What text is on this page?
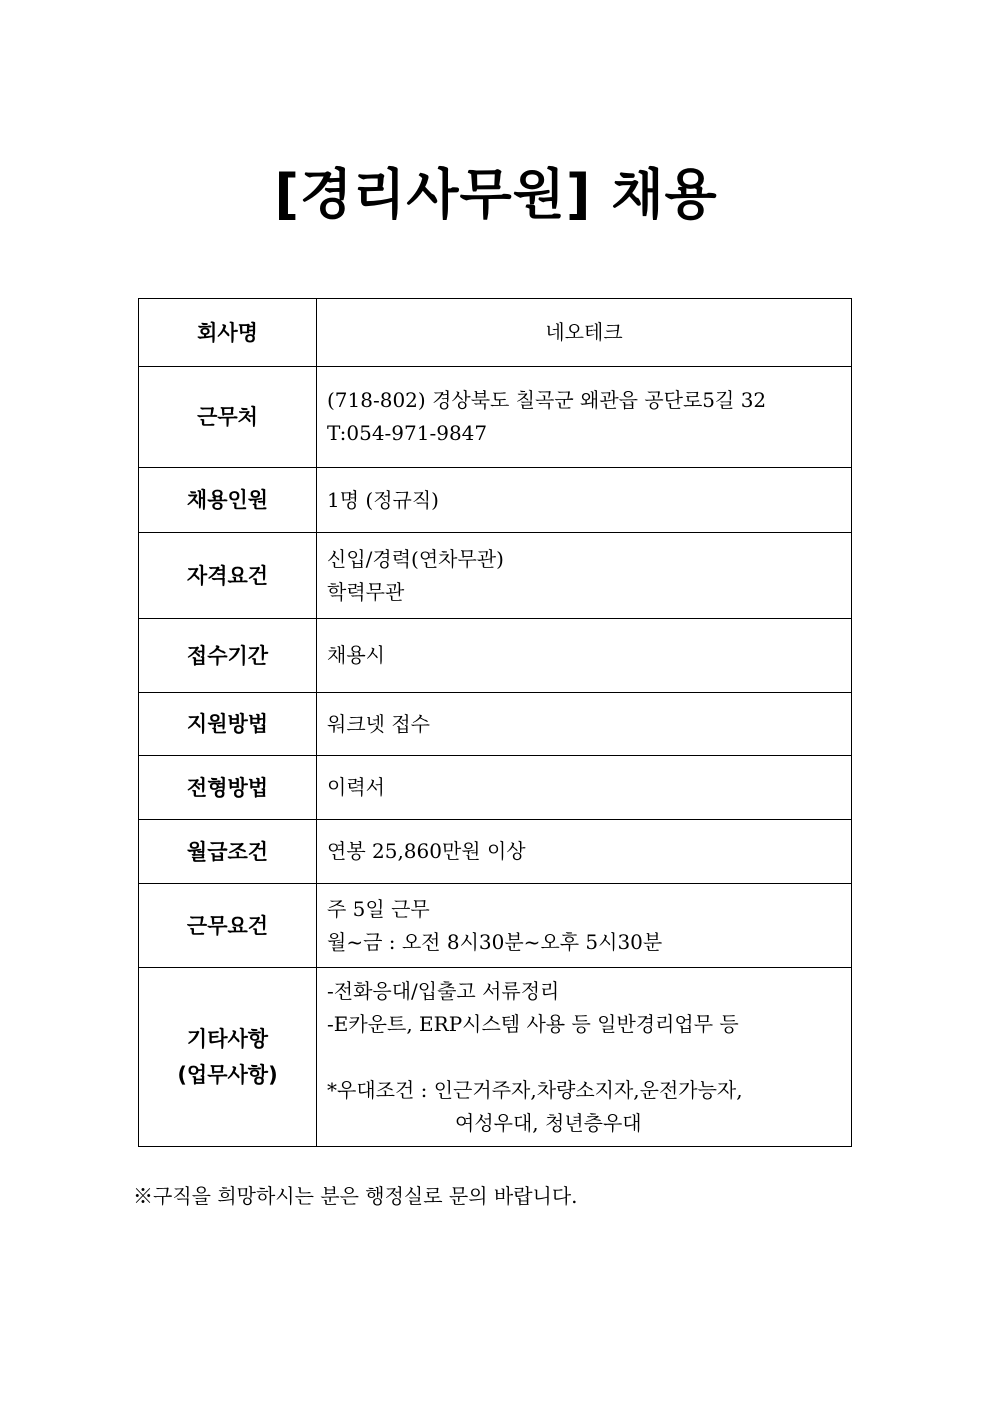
[경리사무원] 채용
회사명	네오테크
근무처	(718-802) 경상북도 칠곡군 왜관읍 공단로5길 32
T:054-971-9847

채용인원	1명 (정규직)
자격요건	신입/경력(연차무관)
학력무관

접수기간	채용시
지원방법	워크넷 접수
전형방법	이력서
월급조건	연봉 25,860만원 이상
근무요건	주 5일 근무
월~금 : 오전 8시30분~오후 5시30분

기타사항
(업무사항)	-전화응대/입출고 서류정리
-E카운트, ERP시스템 사용 등 일반경리업무 등
*우대조건 : 인근거주자,차량소지자,운전가능자,
여성우대, 청년층우대
※구직을 희망하시는 분은 행정실로 문의 바랍니다.
